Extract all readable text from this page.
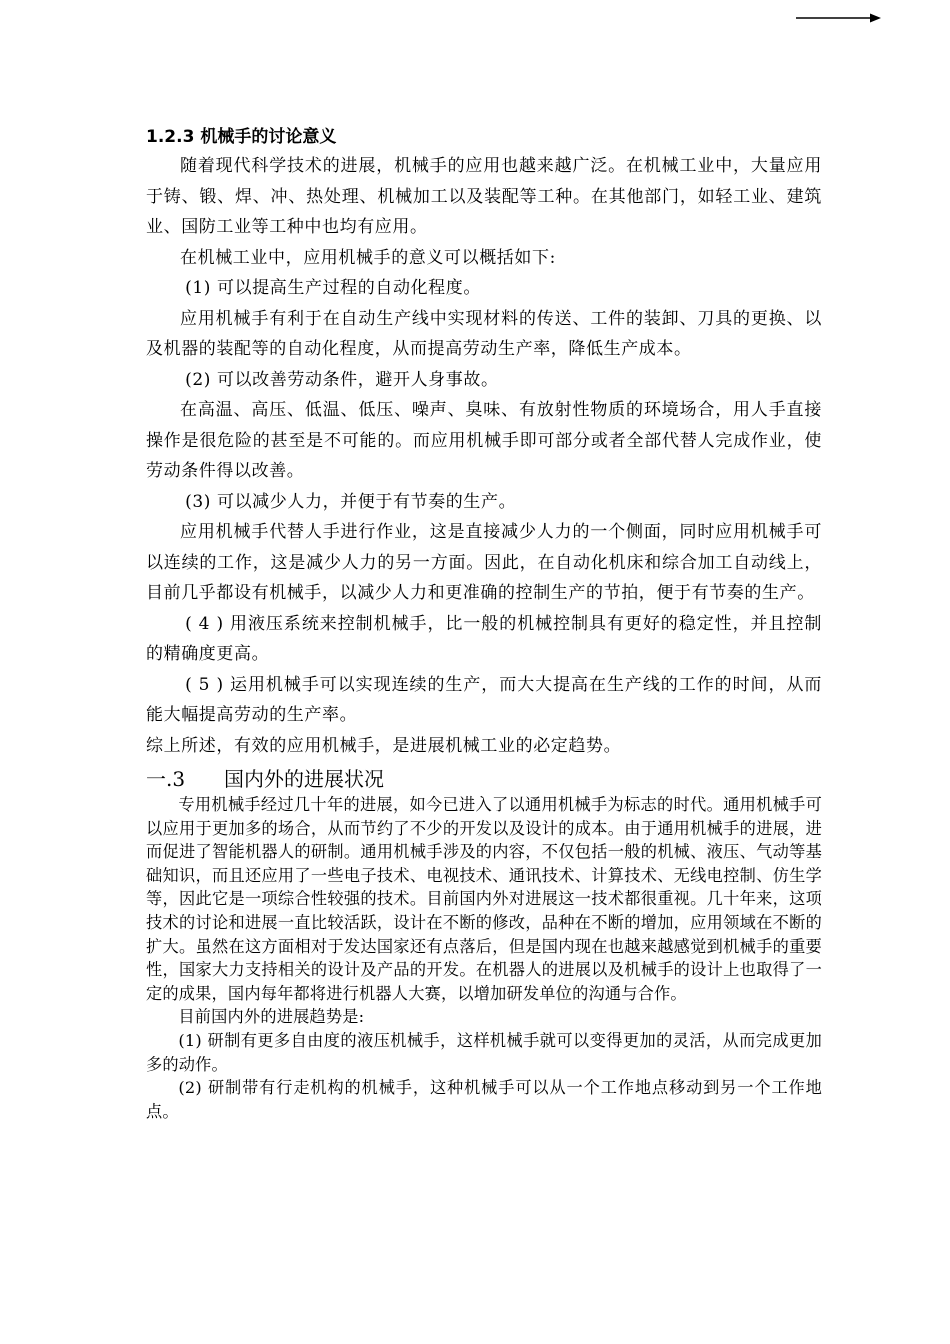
1.2.3 机械手的讨论意义

随着现代科学技术的进展，机械手的应用也越来越广泛。在机械工业中，大量应用于铸、锻、焊、冲、热处理、机械加工以及装配等工种。在其他部门，如轻工业、建筑业、国防工业等工种中也均有应用。

在机械工业中，应用机械手的意义可以概括如下:

(1) 可以提高生产过程的自动化程度。

应用机械手有利于在自动生产线中实现材料的传送、工件的装卸、刀具的更换、以及机器的装配等的自动化程度，从而提高劳动生产率，降低生产成本。

(2) 可以改善劳动条件，避开人身事故。

在高温、高压、低温、低压、噪声、臭味、有放射性物质的环境场合，用人手直接操作是很危险的甚至是不可能的。而应用机械手即可部分或者全部代替人完成作业，使劳动条件得以改善。

(3) 可以减少人力，并便于有节奏的生产。

应用机械手代替人手进行作业，这是直接减少人力的一个侧面，同时应用机械手可以连续的工作，这是减少人力的另一方面。因此，在自动化机床和综合加工自动线上，目前几乎都设有机械手，以减少人力和更准确的控制生产的节拍，便于有节奏的生产。

( 4 ) 用液压系统来控制机械手，比一般的机械控制具有更好的稳定性，并且控制的精确度更高。

( 5 ) 运用机械手可以实现连续的生产，而大大提高在生产线的工作的时间，从而能大幅提高劳动的生产率。

综上所述，有效的应用机械手，是进展机械工业的必定趋势。

一.3 国内外的进展状况

专用机械手经过几十年的进展，如今已进入了以通用机械手为标志的时代。通用机械手可以应用于更加多的场合，从而节约了不少的开发以及设计的成本。由于通用机械手的进展，进而促进了智能机器人的研制。通用机械手涉及的内容，不仅包括一般的机械、液压、气动等基础知识，而且还应用了一些电子技术、电视技术、通讯技术、计算技术、无线电控制、仿生学等，因此它是一项综合性较强的技术。目前国内外对进展这一技术都很重视。几十年来，这项技术的讨论和进展一直比较活跃，设计在不断的修改，品种在不断的增加，应用领域在不断的扩大。虽然在这方面相对于发达国家还有点落后，但是国内现在也越来越感觉到机械手的重要性，国家大力支持相关的设计及产品的开发。在机器人的进展以及机械手的设计上也取得了一定的成果，国内每年都将进行机器人大赛，以增加研发单位的沟通与合作。

目前国内外的进展趋势是:

(1) 研制有更多自由度的液压机械手，这样机械手就可以变得更加的灵活，从而完成更加多的动作。

(2) 研制带有行走机构的机械手，这种机械手可以从一个工作地点移动到另一个工作地点。
